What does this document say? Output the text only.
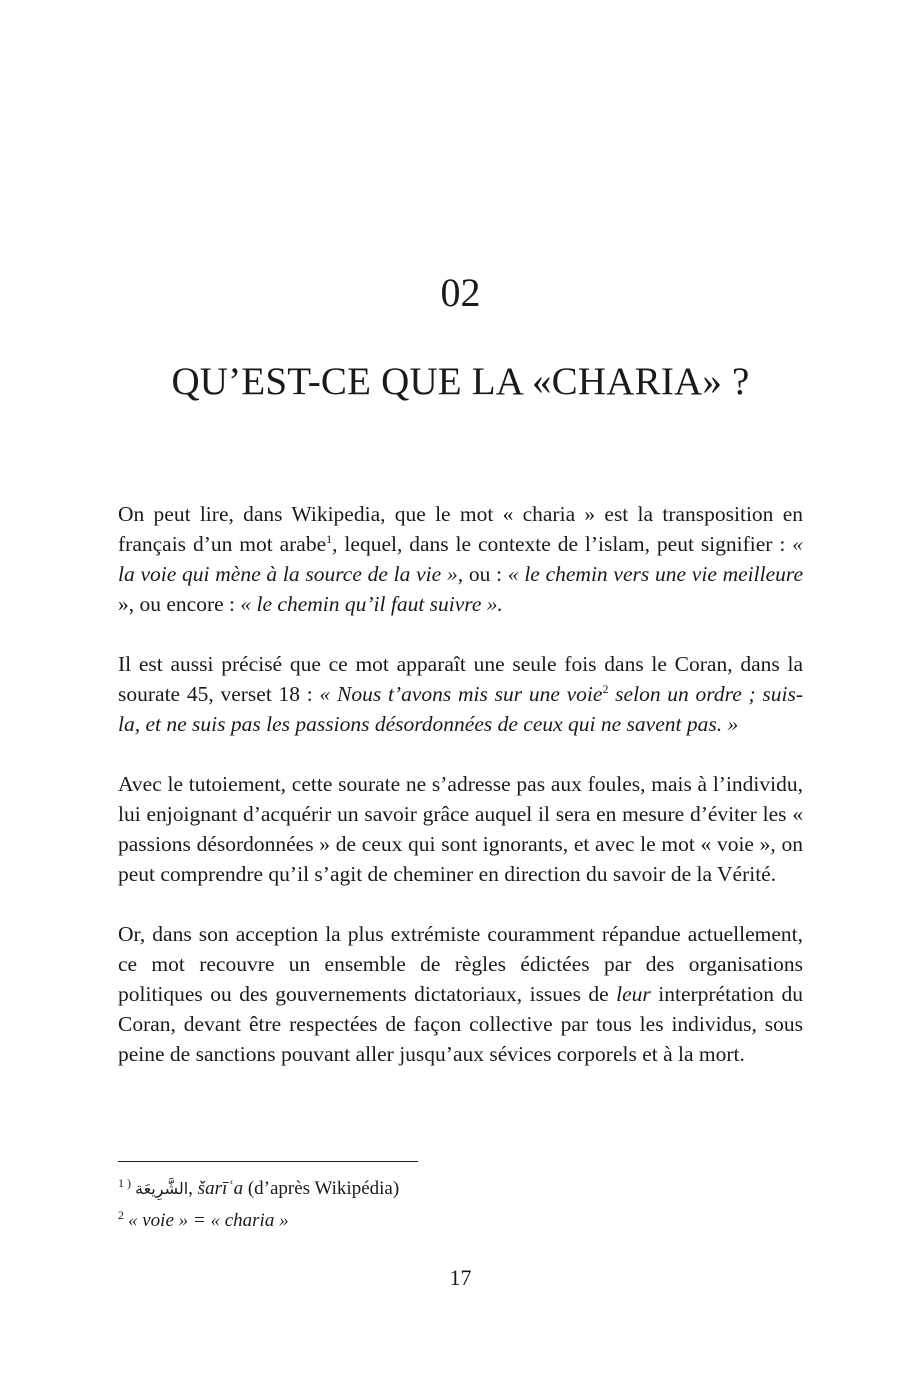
02
QU’EST-CE QUE LA «CHARIA» ?

On peut lire, dans Wikipedia, que le mot « charia » est la transposition en français d’un mot arabe$^1$, lequel, dans le contexte de l’islam, peut signifier : « la voie qui mène à la source de la vie », ou : « le chemin vers une vie meilleure », ou encore : « le chemin qu’il faut suivre ».

Il est aussi précisé que ce mot apparaît une seule fois dans le Coran, dans la sourate 45, verset 18 : « Nous t’avons mis sur une voie$^2$ selon un ordre ; suis-la, et ne suis pas les passions désordonnées de ceux qui ne savent pas. »

Avec le tutoiement, cette sourate ne s’adresse pas aux foules, mais à l’individu, lui enjoignant d’acquérir un savoir grâce auquel il sera en mesure d’éviter les « passions désordonnées » de ceux qui sont ignorants, et avec le mot « voie », on peut comprendre qu’il s’agit de cheminer en direction du savoir de la Vérité.

Or, dans son acception la plus extrémiste couramment répandue actuellement, ce mot recouvre un ensemble de règles édictées par des organisations politiques ou des gouvernements dictatoriaux, issues de leur interprétation du Coran, devant être respectées de façon collective par tous les individus, sous peine de sanctions pouvant aller jusqu’aux sévices corporels et à la mort.

$^{1 )}$ الشَّرِيعَة, šarīʿa (d’après Wikipédia)
$^2$ « voie » = « charia »
17
